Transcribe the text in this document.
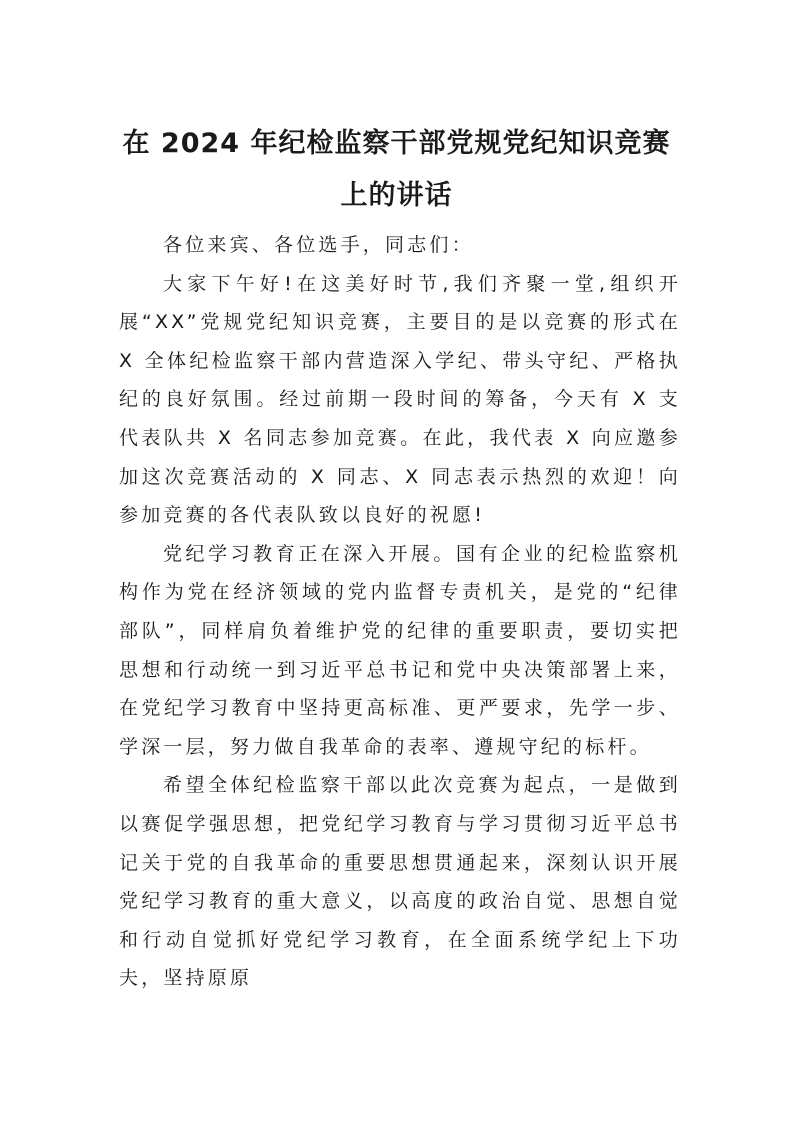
在 2024 年纪检监察干部党规党纪知识竞赛
上的讲话

各位来宾、各位选手，同志们：

大家下午好!在这美好时节,我们齐聚一堂,组织开展“XX”党规党纪知识竞赛，主要目的是以竞赛的形式在 X 全体纪检监察干部内营造深入学纪、带头守纪、严格执纪的良好氛围。经过前期一段时间的筹备，今天有 X 支代表队共 X 名同志参加竞赛。在此，我代表 X 向应邀参加这次竞赛活动的 X 同志、X 同志表示热烈的欢迎！向参加竞赛的各代表队致以良好的祝愿!

党纪学习教育正在深入开展。国有企业的纪检监察机构作为党在经济领域的党内监督专责机关，是党的“纪律部队”，同样肩负着维护党的纪律的重要职责，要切实把思想和行动统一到习近平总书记和党中央决策部署上来，在党纪学习教育中坚持更高标准、更严要求，先学一步、学深一层，努力做自我革命的表率、遵规守纪的标杆。

希望全体纪检监察干部以此次竞赛为起点，一是做到以赛促学强思想，把党纪学习教育与学习贯彻习近平总书记关于党的自我革命的重要思想贯通起来，深刻认识开展党纪学习教育的重大意义，以高度的政治自觉、思想自觉和行动自觉抓好党纪学习教育，在全面系统学纪上下功夫，坚持原原
